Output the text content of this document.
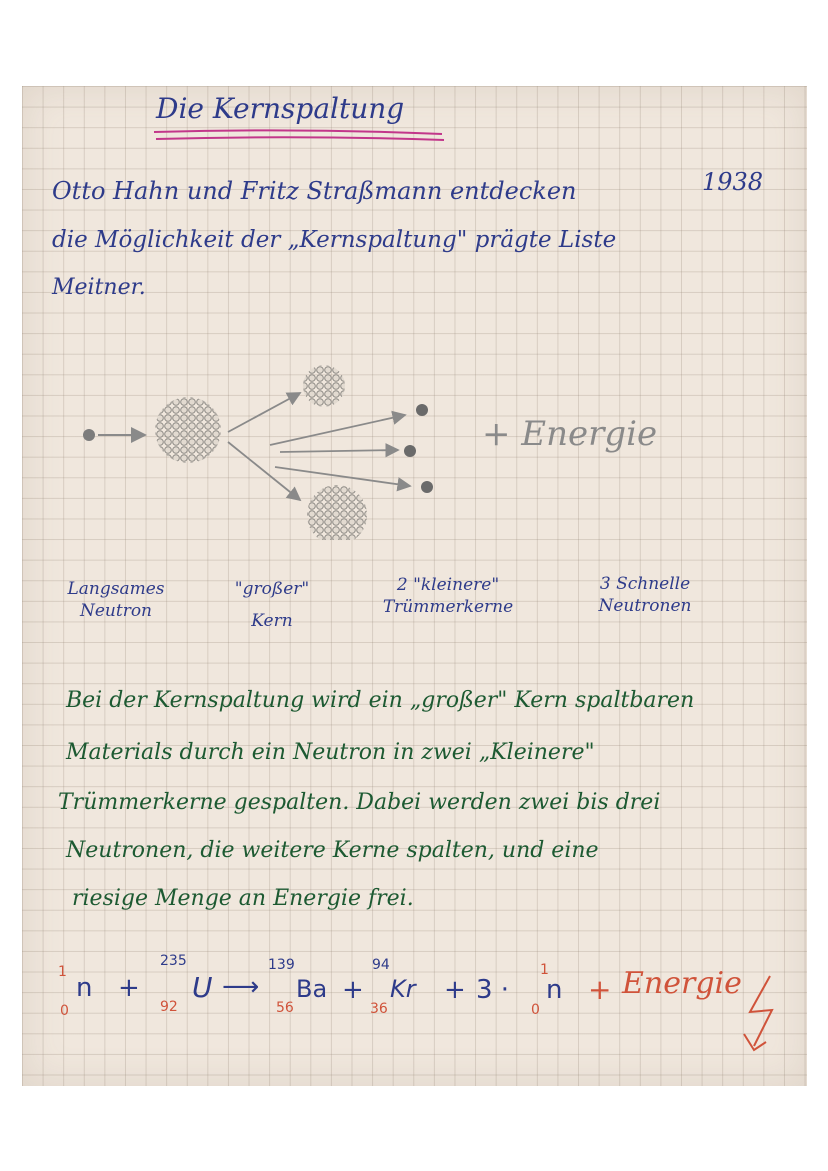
Die Kernspaltung
Otto Hahn und Fritz Straßmann entdecken	1938
die Möglichkeit der „Kernspaltung" prägte Liste
Meitner.
+ Energie
Langsames
Neutron
"großer"
Kern
2 "kleinere"
Trümmerkerne
3 Schnelle
Neutronen
Bei der Kernspaltung wird ein „großer" Kern spaltbaren
Materials durch ein Neutron in zwei „Kleinere"
Trümmerkerne gespalten. Dabei werden zwei bis drei
Neutronen, die weitere Kerne spalten, und eine
riesige Menge an Energie frei.
1
0
n +
235
92
U ⟶
139
56
Ba +
94
36
Kr + 3 ·
1
0
n + Energie
